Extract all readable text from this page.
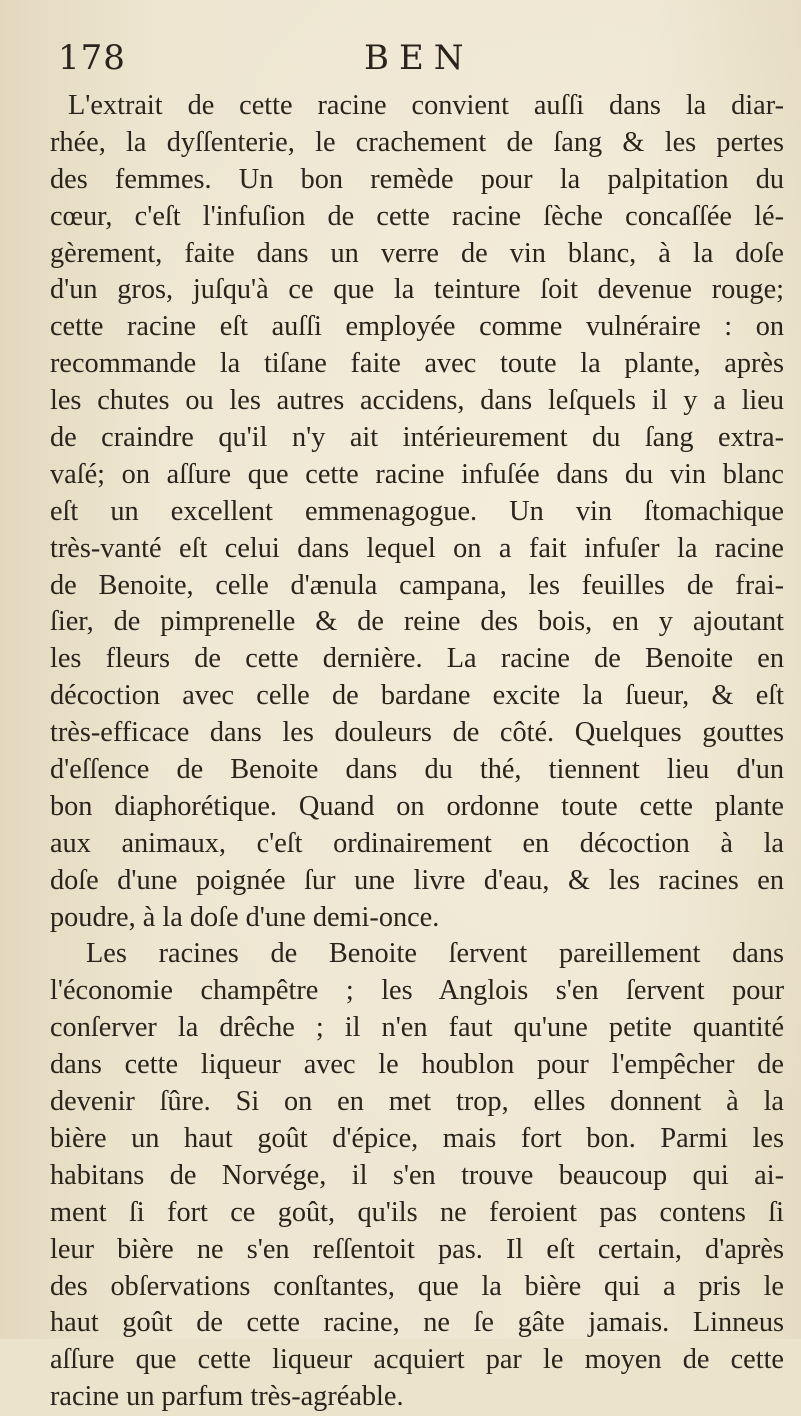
178	BEN
L'extrait de cette racine convient auſſi dans la diar-
rhée, la dyſſenterie, le crachement de ſang & les pertes
des femmes. Un bon remède pour la palpitation du
cœur, c'eſt l'infuſion de cette racine ſèche concaſſée lé-
gèrement, faite dans un verre de vin blanc, à la doſe
d'un gros, juſqu'à ce que la teinture ſoit devenue rouge;
cette racine eſt auſſi employée comme vulnéraire : on
recommande la tiſane faite avec toute la plante, après
les chutes ou les autres accidens, dans leſquels il y a lieu
de craindre qu'il n'y ait intérieurement du ſang extra-
vaſé; on aſſure que cette racine infuſée dans du vin blanc
eſt un excellent emmenagogue. Un vin ſtomachique
très-vanté eſt celui dans lequel on a fait infuſer la racine
de Benoite, celle d'ænula campana, les feuilles de frai-
ſier, de pimprenelle & de reine des bois, en y ajoutant
les fleurs de cette dernière. La racine de Benoite en
décoction avec celle de bardane excite la ſueur, & eſt
très-efficace dans les douleurs de côté. Quelques gouttes
d'eſſence de Benoite dans du thé, tiennent lieu d'un
bon diaphorétique. Quand on ordonne toute cette plante
aux animaux, c'eſt ordinairement en décoction à la
doſe d'une poignée ſur une livre d'eau, & les racines en
poudre, à la doſe d'une demi-once.
Les racines de Benoite ſervent pareillement dans
l'économie champêtre ; les Anglois s'en ſervent pour
conſerver la drêche ; il n'en faut qu'une petite quantité
dans cette liqueur avec le houblon pour l'empêcher de
devenir ſûre. Si on en met trop, elles donnent à la
bière un haut goût d'épice, mais fort bon. Parmi les
habitans de Norvége, il s'en trouve beaucoup qui ai-
ment ſi fort ce goût, qu'ils ne feroient pas contens ſi
leur bière ne s'en reſſentoit pas. Il eſt certain, d'après
des obſervations conſtantes, que la bière qui a pris le
haut goût de cette racine, ne ſe gâte jamais. Linneus
aſſure que cette liqueur acquiert par le moyen de cette
racine un parfum très-agréable.
